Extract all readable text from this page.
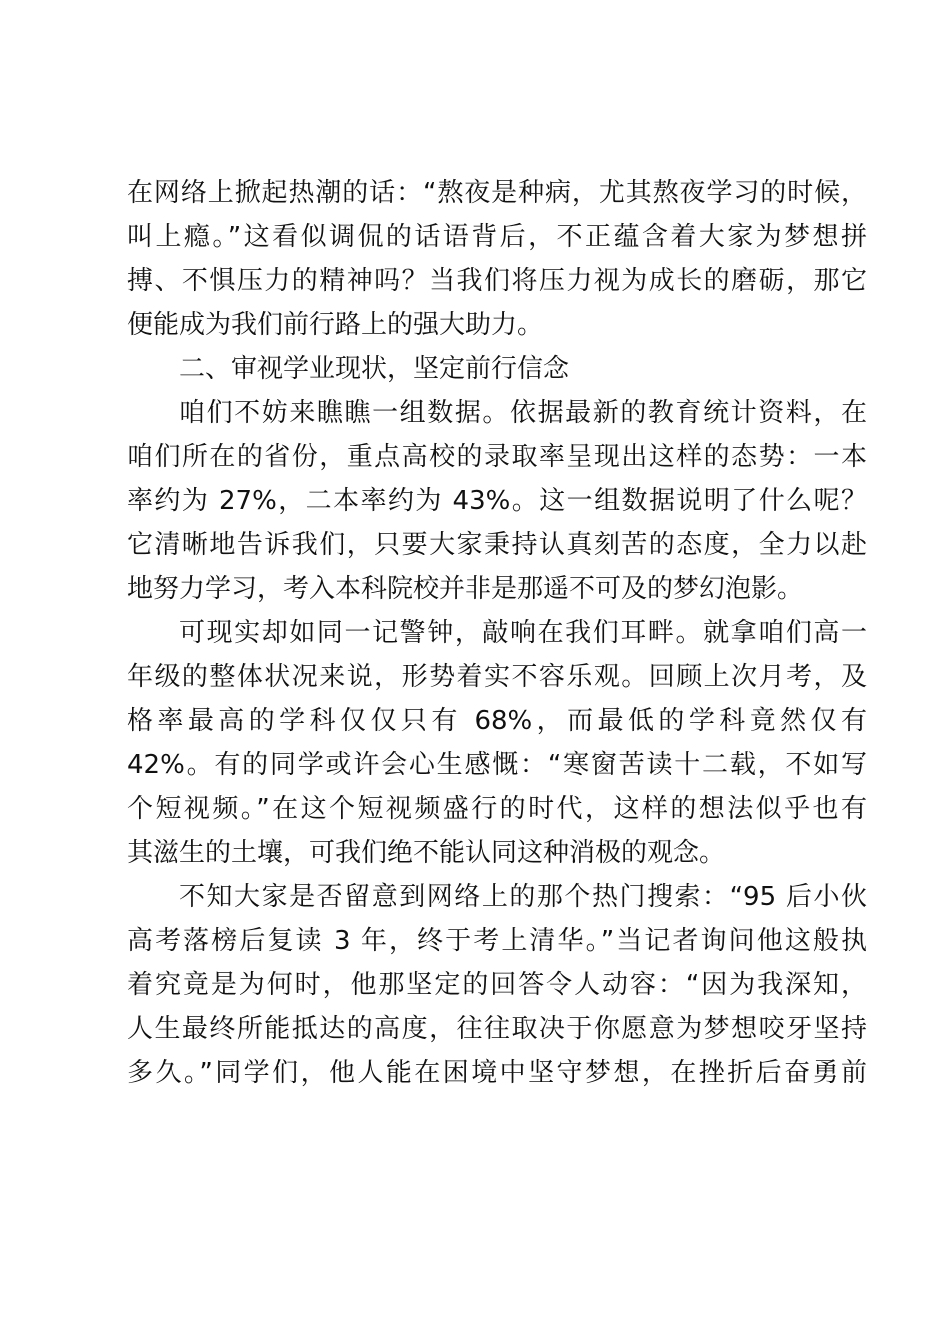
在网络上掀起热潮的话：“熬夜是种病，尤其熬夜学习的时候，
叫上瘾。”这看似调侃的话语背后，不正蕴含着大家为梦想拼
搏、不惧压力的精神吗？当我们将压力视为成长的磨砺，那它
便能成为我们前行路上的强大助力。
二、审视学业现状，坚定前行信念
咱们不妨来瞧瞧一组数据。依据最新的教育统计资料，在
咱们所在的省份，重点高校的录取率呈现出这样的态势：一本
率约为 27%，二本率约为 43%。这一组数据说明了什么呢？
它清晰地告诉我们，只要大家秉持认真刻苦的态度，全力以赴
地努力学习，考入本科院校并非是那遥不可及的梦幻泡影。
可现实却如同一记警钟，敲响在我们耳畔。就拿咱们高一
年级的整体状况来说，形势着实不容乐观。回顾上次月考，及
格率最高的学科仅仅只有 68%，而最低的学科竟然仅有
42%。有的同学或许会心生感慨：“寒窗苦读十二载，不如写
个短视频。”在这个短视频盛行的时代，这样的想法似乎也有
其滋生的土壤，可我们绝不能认同这种消极的观念。
不知大家是否留意到网络上的那个热门搜索：“95 后小伙
高考落榜后复读 3 年，终于考上清华。”当记者询问他这般执
着究竟是为何时，他那坚定的回答令人动容：“因为我深知，
人生最终所能抵达的高度，往往取决于你愿意为梦想咬牙坚持
多久。”同学们，他人能在困境中坚守梦想，在挫折后奋勇前
